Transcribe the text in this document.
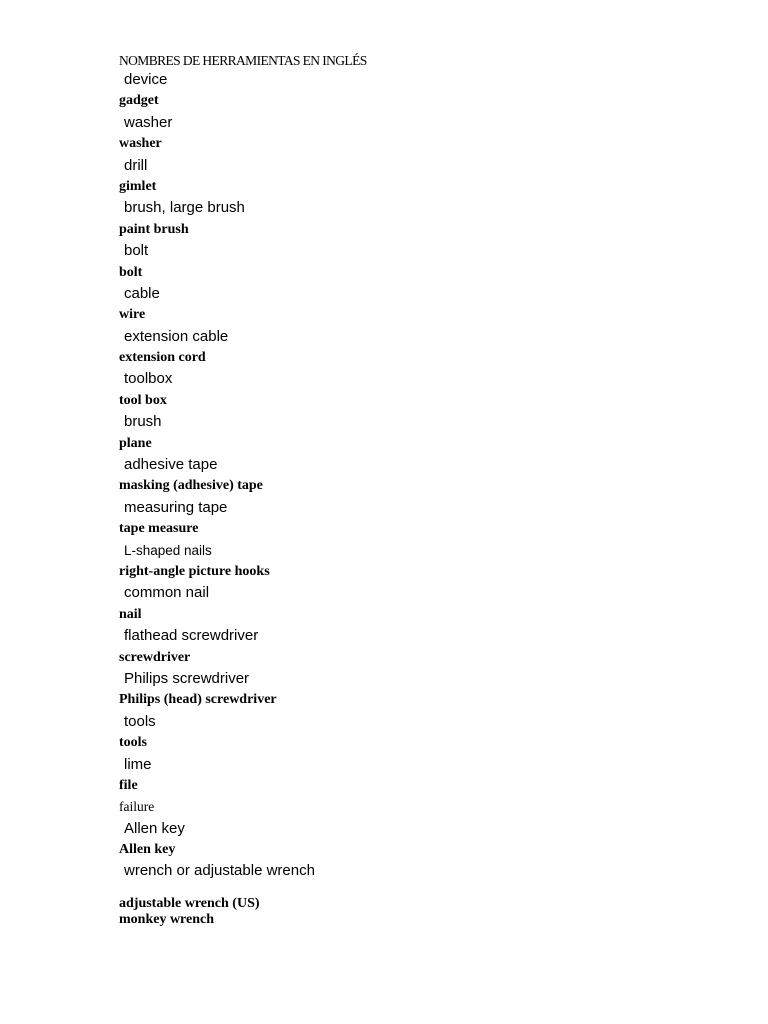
NOMBRES DE HERRAMIENTAS EN INGLÉS
device
gadget
washer
washer
drill
gimlet
brush, large brush
paint brush
bolt
bolt
cable
wire
extension cable
extension cord
toolbox
tool box
brush
plane
adhesive tape
masking (adhesive) tape
measuring tape
tape measure
L-shaped nails
right-angle picture hooks
common nail
nail
flathead screwdriver
screwdriver
Philips screwdriver
Philips (head) screwdriver
tools
tools
lime
file
failure
Allen key
Allen key
wrench or adjustable wrench
adjustable wrench (US)
monkey wrench
